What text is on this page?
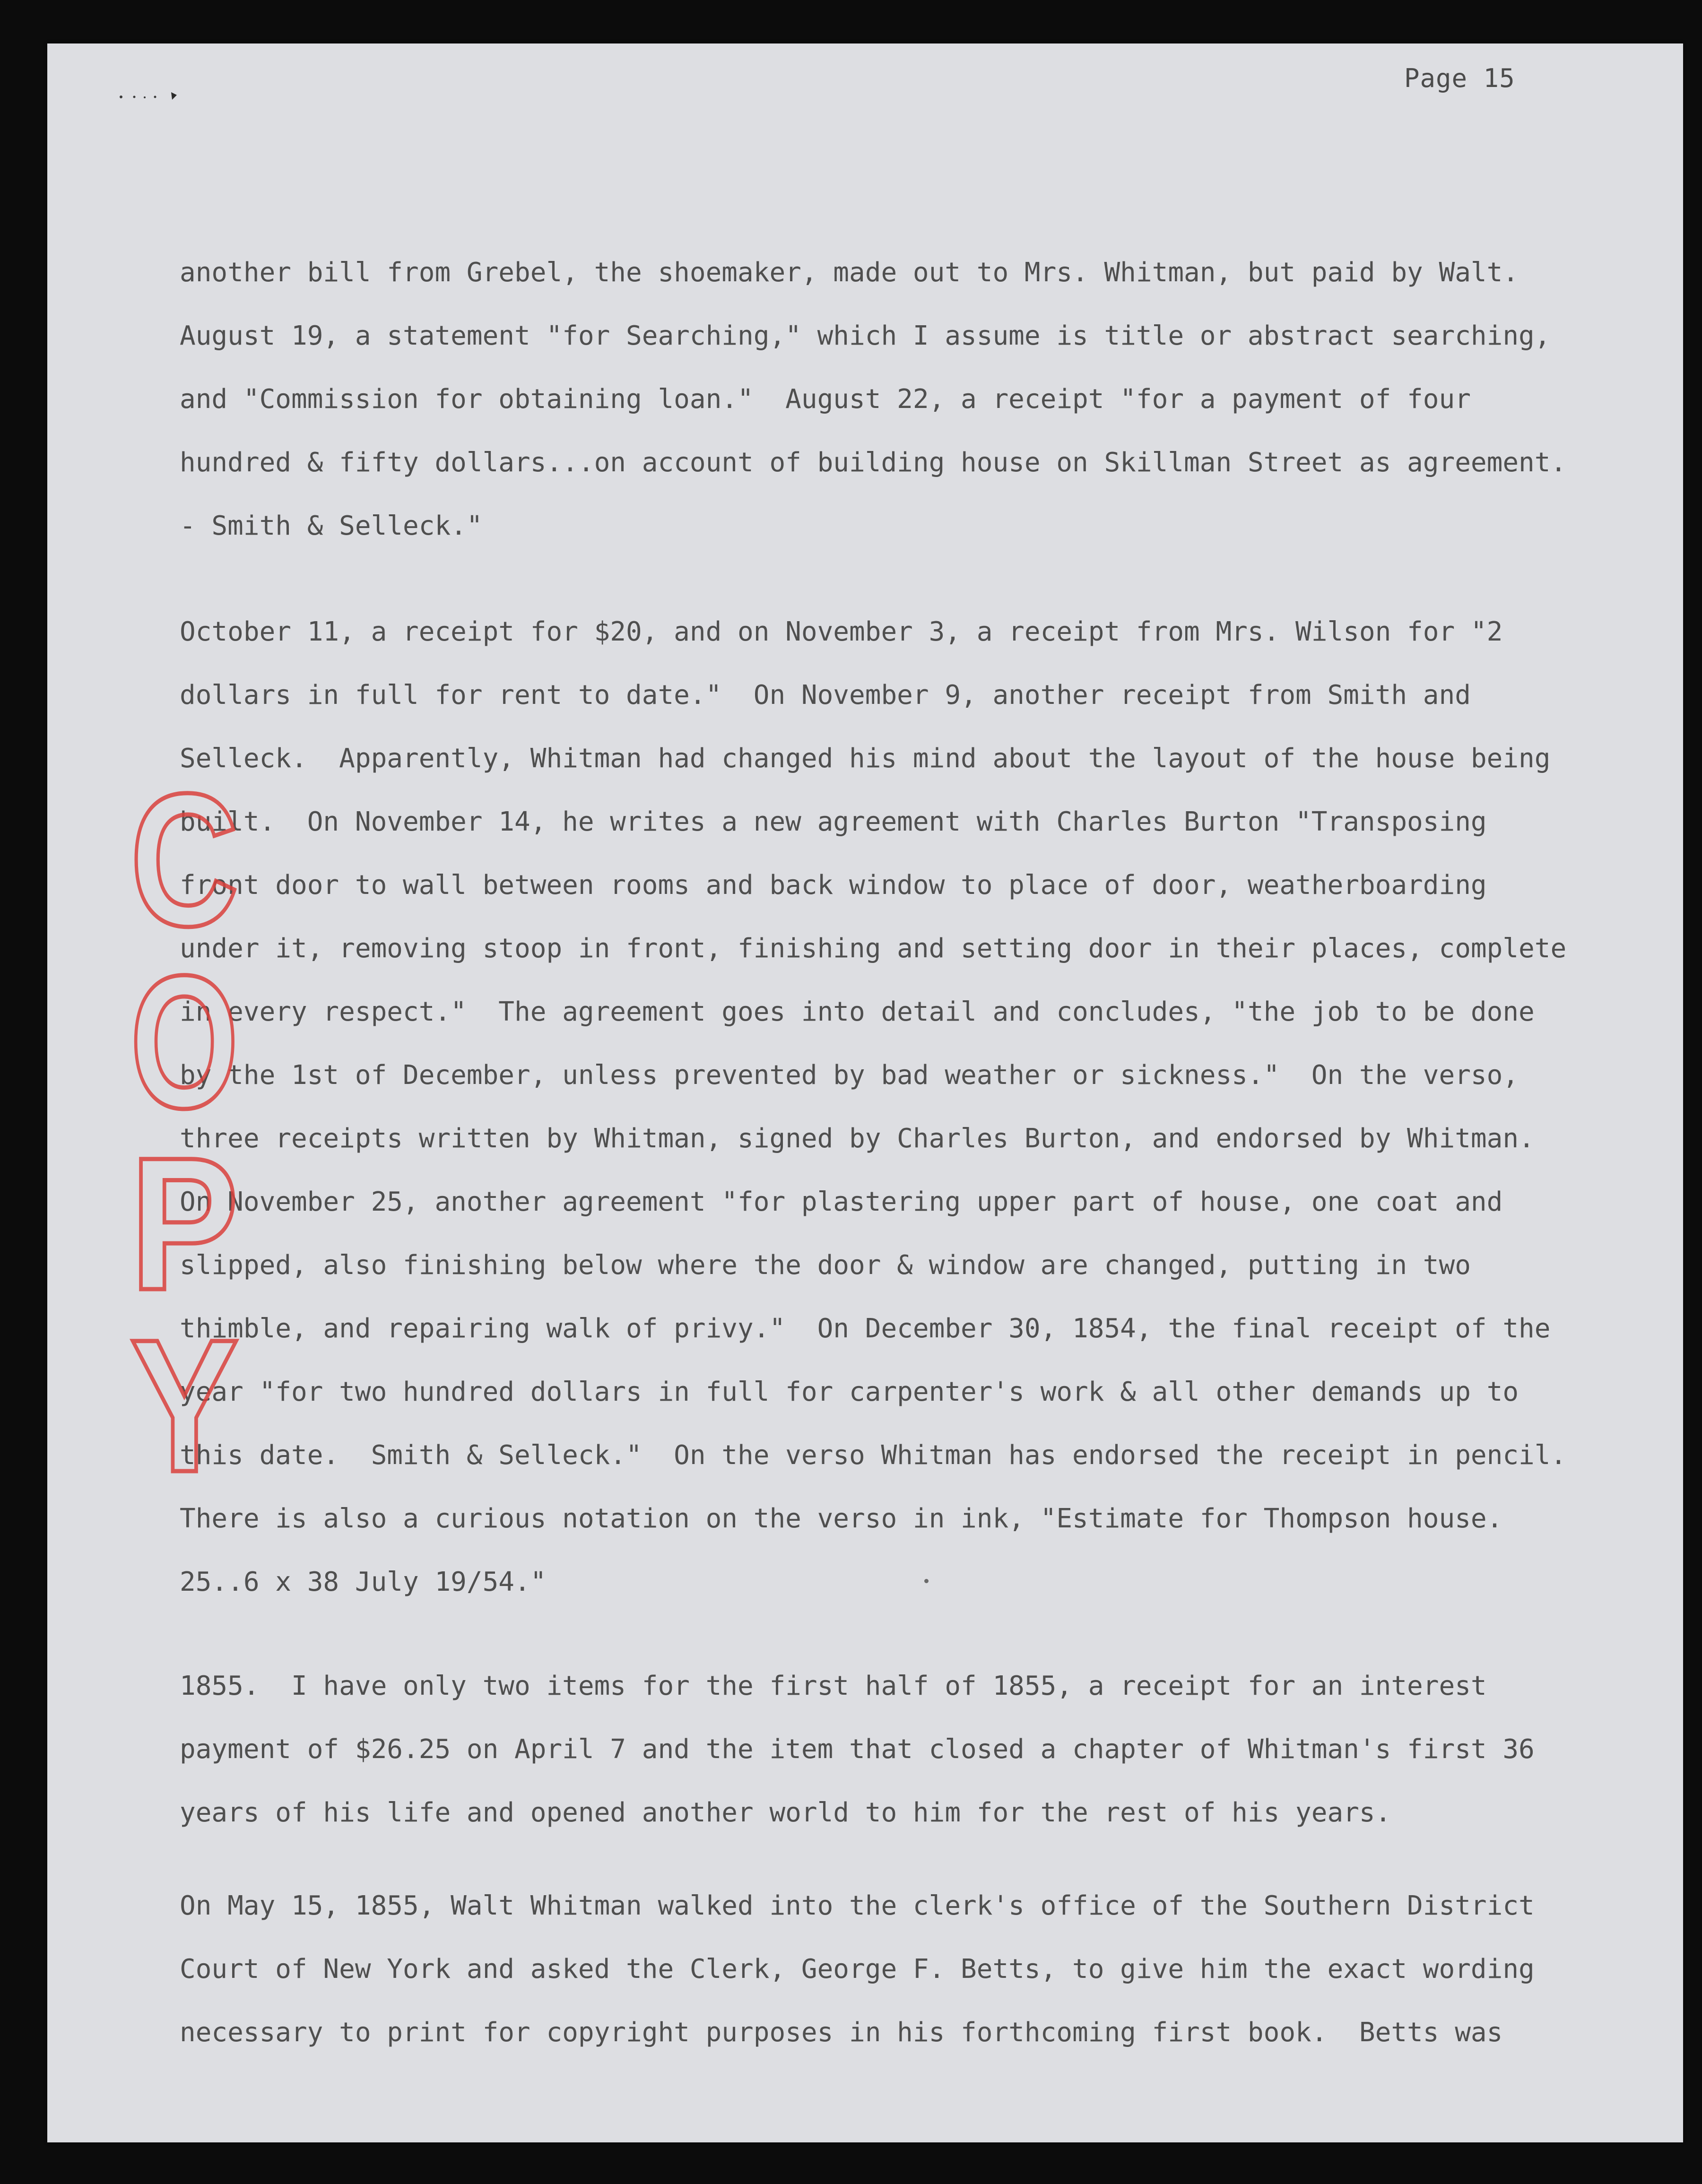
Page 15
another bill from Grebel, the shoemaker, made out to Mrs. Whitman, but paid by Walt.
August 19, a statement "for Searching," which I assume is title or abstract searching,
and "Commission for obtaining loan."  August 22, a receipt "for a payment of four
hundred & fifty dollars...on account of building house on Skillman Street as agreement.
- Smith & Selleck."
October 11, a receipt for $20, and on November 3, a receipt from Mrs. Wilson for "2
dollars in full for rent to date."  On November 9, another receipt from Smith and
Selleck.  Apparently, Whitman had changed his mind about the layout of the house being
built.  On November 14, he writes a new agreement with Charles Burton "Transposing
front door to wall between rooms and back window to place of door, weatherboarding
under it, removing stoop in front, finishing and setting door in their places, complete
in every respect."  The agreement goes into detail and concludes, "the job to be done
by the 1st of December, unless prevented by bad weather or sickness."  On the verso,
three receipts written by Whitman, signed by Charles Burton, and endorsed by Whitman.
On November 25, another agreement "for plastering upper part of house, one coat and
slipped, also finishing below where the door & window are changed, putting in two
thimble, and repairing walk of privy."  On December 30, 1854, the final receipt of the
year "for two hundred dollars in full for carpenter's work & all other demands up to
this date.  Smith & Selleck."  On the verso Whitman has endorsed the receipt in pencil.
There is also a curious notation on the verso in ink, "Estimate for Thompson house.
25..6 x 38 July 19/54."
1855.  I have only two items for the first half of 1855, a receipt for an interest
payment of $26.25 on April 7 and the item that closed a chapter of Whitman's first 36
years of his life and opened another world to him for the rest of his years.
On May 15, 1855, Walt Whitman walked into the clerk's office of the Southern District
Court of New York and asked the Clerk, George F. Betts, to give him the exact wording
necessary to print for copyright purposes in his forthcoming first book.  Betts was
C
O
P
Y
